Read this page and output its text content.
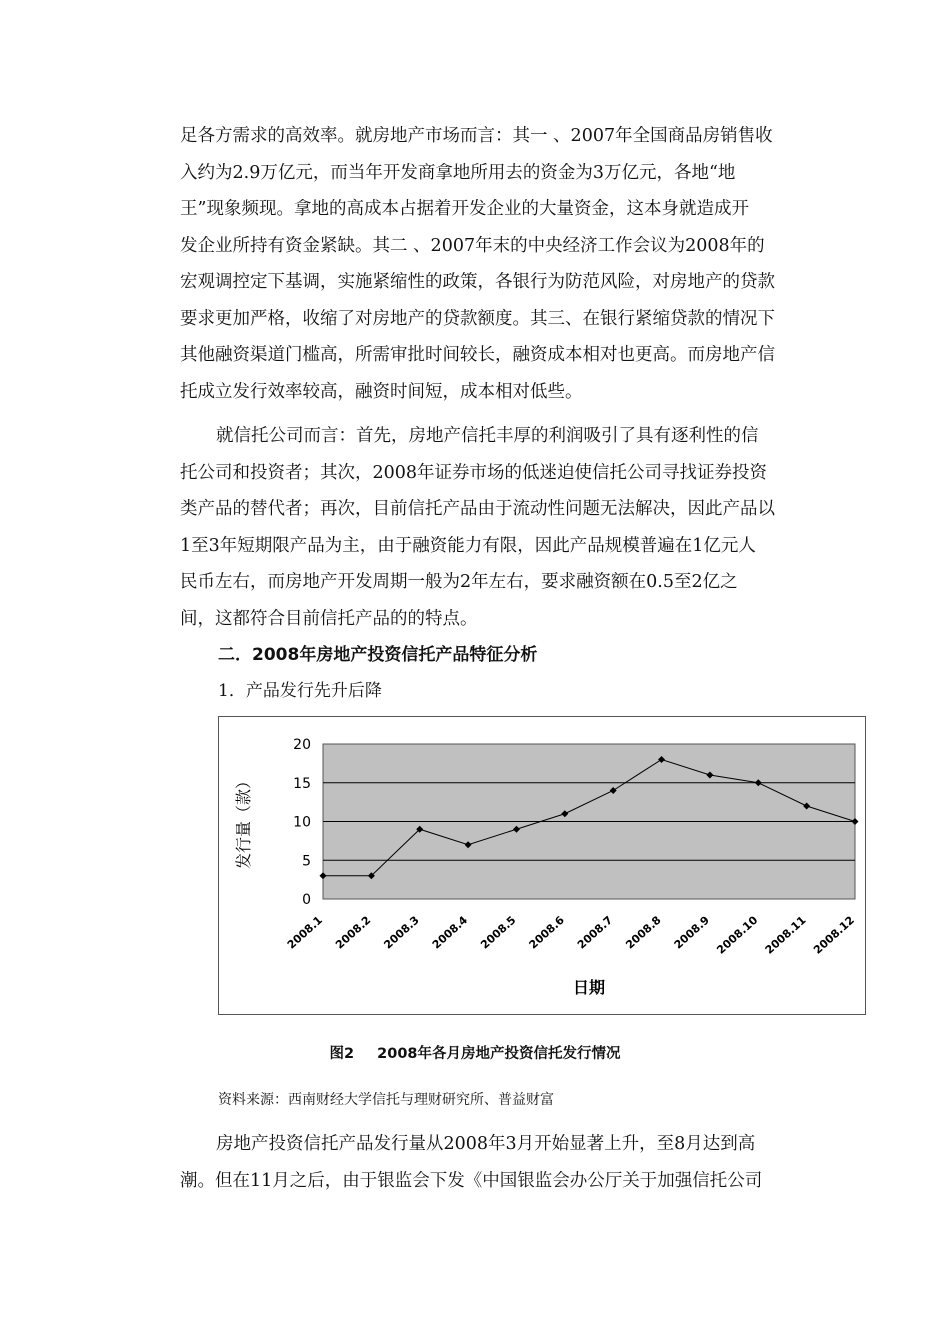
足各方需求的高效率。就房地产市场而言：其一 、2007年全国商品房销售收
入约为2.9万亿元，而当年开发商拿地所用去的资金为3万亿元，各地“地
王”现象频现。拿地的高成本占据着开发企业的大量资金，这本身就造成开
发企业所持有资金紧缺。其二 、2007年末的中央经济工作会议为2008年的
宏观调控定下基调，实施紧缩性的政策，各银行为防范风险，对房地产的贷款
要求更加严格，收缩了对房地产的贷款额度。其三、在银行紧缩贷款的情况下
其他融资渠道门槛高，所需审批时间较长，融资成本相对也更高。而房地产信
托成立发行效率较高，融资时间短，成本相对低些。
就信托公司而言：首先，房地产信托丰厚的利润吸引了具有逐利性的信
托公司和投资者；其次，2008年证券市场的低迷迫使信托公司寻找证券投资
类产品的替代者；再次，目前信托产品由于流动性问题无法解决，因此产品以
1至3年短期限产品为主，由于融资能力有限，因此产品规模普遍在1亿元人
民币左右，而房地产开发周期一般为2年左右，要求融资额在0.5至2亿之
间，这都符合目前信托产品的的特点。
二．2008年房地产投资信托产品特征分析
1．产品发行先升后降
0
5
10
15
20
2008.1 2008.2 2008.3 2008.4 2008.5 2008.6 2008.7 2008.8 2008.9 2008.10 2008.11 2008.12
发行量（款）
日期
图2 2008年各月房地产投资信托发行情况
资料来源：西南财经大学信托与理财研究所、普益财富
房地产投资信托产品发行量从2008年3月开始显著上升，至8月达到高
潮。但在11月之后，由于银监会下发《中国银监会办公厅关于加强信托公司
